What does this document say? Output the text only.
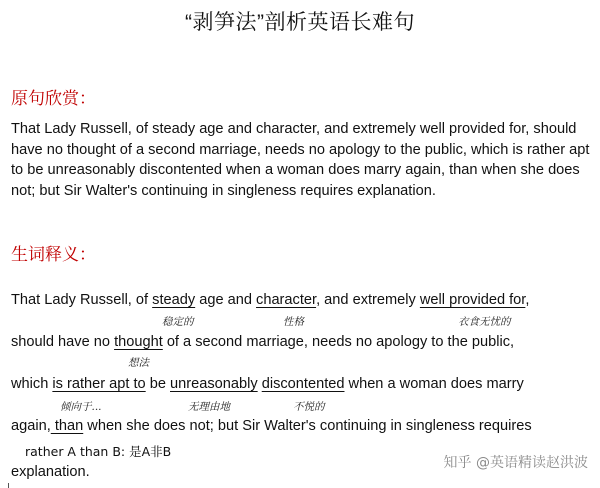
“剥笋法”剖析英语长难句
原句欣赏：

That Lady Russell, of steady age and character, and extremely well provided for, should have no thought of a second marriage, needs no apology to the public, which is rather apt to be unreasonably discontented when a woman does marry again, than when she does not; but Sir Walter's continuing in singleness requires explanation.

生词释义：
That Lady Russell, of steady age and character, and extremely well provided for,
稳定的	性格	衣食无忧的
should have no thought of a second marriage, needs no apology to the public,
想法
which is rather apt to be unreasonably discontented when a woman does marry
倾向于...	无理由地	不悦的
again, than when she does not; but Sir Walter's continuing in singleness requires
rather A than B: 是A非B
explanation.
知乎 @英语精读赵洪波
